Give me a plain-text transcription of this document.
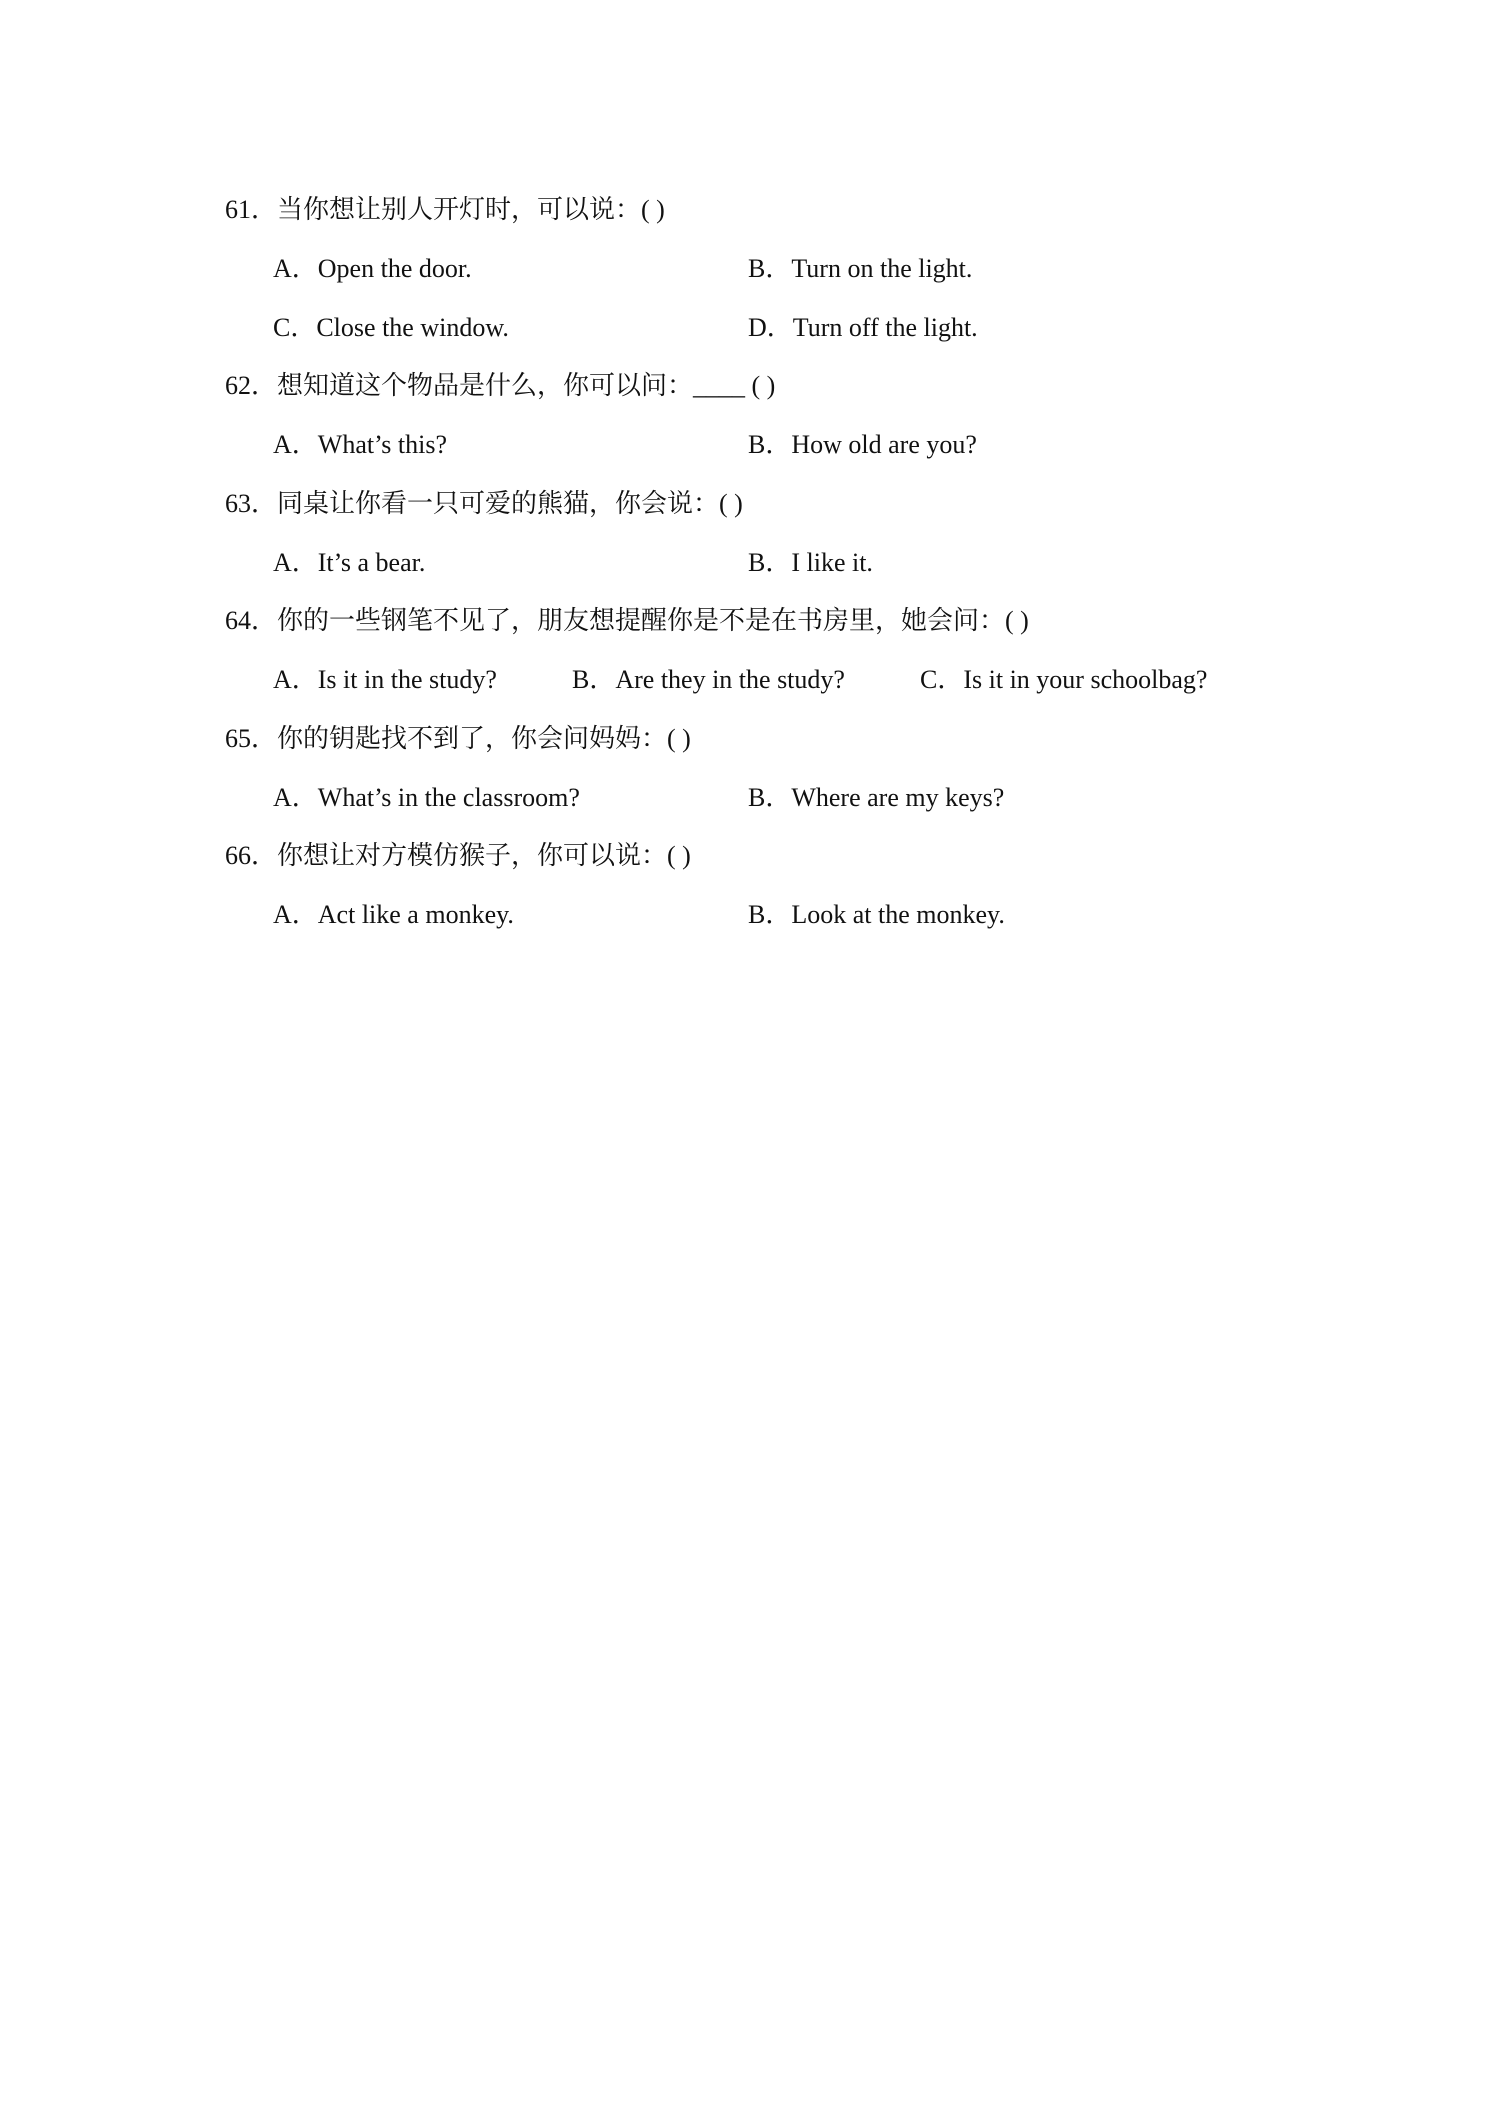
61．当你想让别人开灯时，可以说：( )
A．Open the door.	B．Turn on the light.
C．Close the window.	D．Turn off the light.
62．想知道这个物品是什么，你可以问：____ ( )
A．What’s this?	B．How old are you?
63．同桌让你看一只可爱的熊猫，你会说：( )
A．It’s a bear.	B．I like it.
64．你的一些钢笔不见了，朋友想提醒你是不是在书房里，她会问：( )
A．Is it in the study?	B．Are they in the study?	C．Is it in your schoolbag?
65．你的钥匙找不到了，你会问妈妈：( )
A．What’s in the classroom?	B．Where are my keys?
66．你想让对方模仿猴子，你可以说：( )
A．Act like a monkey.	B．Look at the monkey.
